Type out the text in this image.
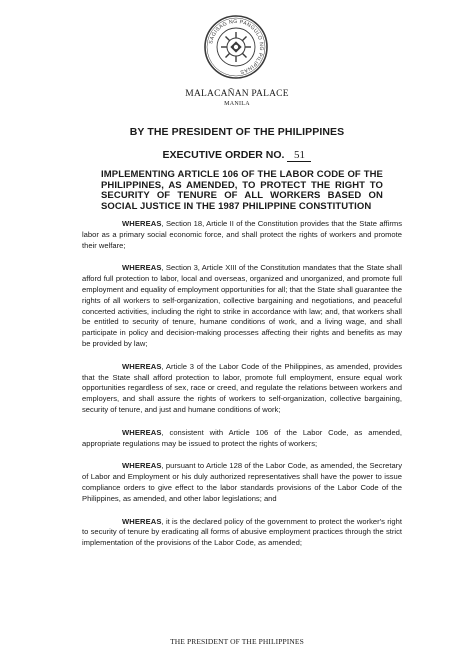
SAGISAG NG PANGULO NG PILIPINAS
MALACAÑAN PALACE
MANILA
BY THE PRESIDENT OF THE PHILIPPINES
EXECUTIVE ORDER NO. 51

IMPLEMENTING ARTICLE 106 OF THE LABOR CODE OF THE PHILIPPINES, AS AMENDED, TO PROTECT THE RIGHT TO SECURITY OF TENURE OF ALL WORKERS BASED ON SOCIAL JUSTICE IN THE 1987 PHILIPPINE CONSTITUTION

WHEREAS, Section 18, Article II of the Constitution provides that the State affirms labor as a primary social economic force, and shall protect the rights of workers and promote their welfare;

WHEREAS, Section 3, Article XIII of the Constitution mandates that the State shall afford full protection to labor, local and overseas, organized and unorganized, and promote full employment and equality of employment opportunities for all; that the State shall guarantee the rights of all workers to self-organization, collective bargaining and negotiations, and peaceful concerted activities, including the right to strike in accordance with law; and, that workers shall be entitled to security of tenure, humane conditions of work, and a living wage, and shall participate in policy and decision-making processes affecting their rights and benefits as may be provided by law;

WHEREAS, Article 3 of the Labor Code of the Philippines, as amended, provides that the State shall afford protection to labor, promote full employment, ensure equal work opportunities regardless of sex, race or creed, and regulate the relations between workers and employers, and shall assure the rights of workers to self-organization, collective bargaining, security of tenure, and just and humane conditions of work;

WHEREAS, consistent with Article 106 of the Labor Code, as amended, appropriate regulations may be issued to protect the rights of workers;

WHEREAS, pursuant to Article 128 of the Labor Code, as amended, the Secretary of Labor and Employment or his duly authorized representatives shall have the power to issue compliance orders to give effect to the labor standards provisions of the Labor Code of the Philippines, as amended, and other labor legislations; and

WHEREAS, it is the declared policy of the government to protect the worker's right to security of tenure by eradicating all forms of abusive employment practices through the strict implementation of the provisions of the Labor Code, as amended;

THE PRESIDENT OF THE PHILIPPINES
